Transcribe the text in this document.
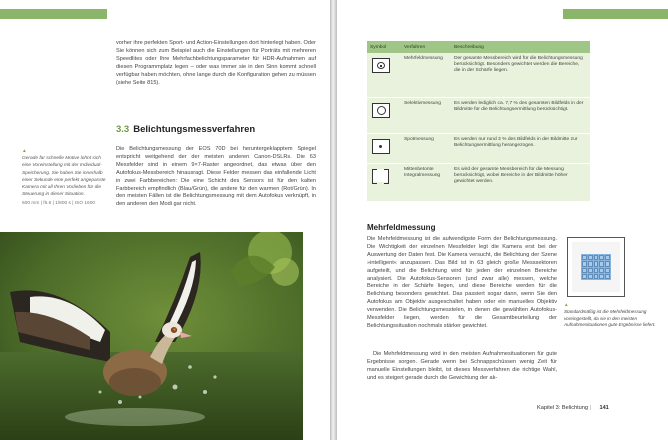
vorher ihre perfekten Sport- und Action-Einstellungen dort hinterlegt haben. Oder Sie können sich zum Beispiel auch die Einstellungen für Porträts mit mehreren Speedlites oder Ihre Mehrfachbelichtungsparameter für HDR-Aufnahmen auf diesen Programmplatz legen – oder was immer sie in den Sinn kommt schnell verfügbar haben möchten, ohne lange durch die Konfiguration gehen zu müssen (siehe Seite 815).

3.3 Belichtungsmessverfahren
▲
Gerade für schnelle Motive lohnt sich eine Voreinstellung mit der Individual-Speicherung. Sie haben Sie innerhalb einer Sekunde eine perfekt angepasste Kamera mit all Ihren Vorlieben für die Steuerung in dieser Situation.
600 mm | f5.6 | 1/800 s | ISO 1600

Die Belichtungsmessung der EOS 70D bei heruntergeklapptem Spiegel entspricht weitgehend der der meisten anderen Canon-DSLRs. Die 63 Messfelder sind in einem 9×7-Raster angeordnet, das etwas über den Autofokus-Messbereich hinausragt. Diese Felder messen das einfallende Licht in zwei Farbbereichen: Die eine Schicht des Sensors ist für den kalten Farbbereich empfindlich (Blau/Grün), die andere für den warmen (Rot/Grün). In den meisten Fällen ist die Belichtungsmessung mit dem Autofokus verknüpft, in den anderen den Modi gar nicht.

Symbol	Verfahren	Beschreibung

	Mehrfeldmessung	Der gesamte Messbereich wird für die Belichtungsmessung berücksichtigt. Besonders gewichtet werden die Bereiche, die in der Schärfe liegen.

	Selektivmessung	Es werden lediglich ca. 7,7 % des gesamten Bildfelds in der Bildmitte für die Belichtungsermittlung berücksichtigt.

	Spotmessung	Es werden nur rund 3 % des Bildfelds in der Bildmitte zur Belichtungsermittlung herangezogen.

	Mittenbetonte Integralmessung	Es wird der gesamte Messbereich für die Messung berücksichtigt, wobei Bereiche in der Bildmitte höher gewichtet werden.
Mehrfeldmessung

Die Mehrfeldmessung ist die aufwendigste Form der Belichtungsmessung. Die Wichtigkeit der einzelnen Messfelder legt die Kamera erst bei der Auswertung der Daten fest. Die Kamera versucht, die Belichtung der Szene »intelligent« anzupassen. Das Bild ist in 63 gleich große Messsektoren aufgeteilt, und die Belichtung wird für jeden der einzelnen Bereiche analysiert. Die Autofokus-Sensoren (und zwar alle) messen, welche Bereiche in der Schärfe liegen, und diese Bereiche werden für die Belichtung besonders gewichtet. Das passiert sogar dann, wenn Sie den Autofokus am Objektiv ausgeschaltet haben oder ein manuelles Objektiv verwenden. Die Belichtungsmesstelen, in denen die gewählten Autofokus-Messfelder liegen, werden für die Gesamtbeurteilung der Belichtungssituation nochmals stärker gewichtet.

Die Mehrfeldmessung wird in den meisten Aufnahmesituationen für gute Ergebnisse sorgen. Gerade wenn bei Schnappschüssen wenig Zeit für manuelle Einstellungen bleibt, ist dieses Messverfahren die richtige Wahl, und es steigert gerade durch die Gewichtung der ak-

▲
Standardmäßig ist die Mehrfeldmessung voreingestellt, da sie in den meisten Aufnahmesituationen gute Ergebnisse liefert.

Kapitel 3: Belichtung | 141
